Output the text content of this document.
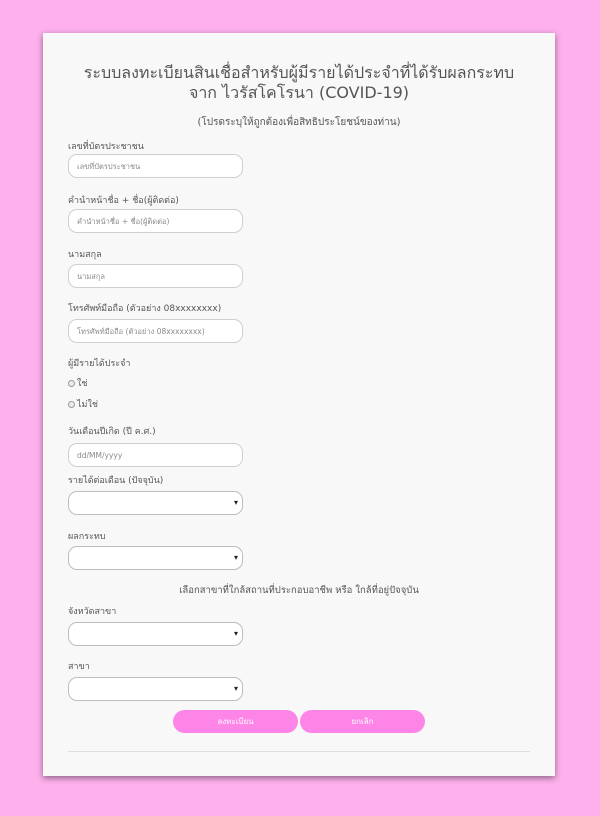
ระบบลงทะเบียนสินเชื่อสำหรับผู้มีรายได้ประจำที่ได้รับผลกระทบจาก ไวรัสโคโรนา (COVID-19)

(โปรดระบุให้ถูกต้องเพื่อสิทธิประโยชน์ของท่าน)

เลขที่บัตรประชาชน

เลขที่บัตรประชาชน

คำนำหน้าชื่อ + ชื่อ(ผู้ติดต่อ)

คำนำหน้าชื่อ + ชื่อ(ผู้ติดต่อ)

นามสกุล

นามสกุล

โทรศัพท์มือถือ (ตัวอย่าง 08xxxxxxxx)

โทรศัพท์มือถือ (ตัวอย่าง 08xxxxxxxx)

ผู้มีรายได้ประจำ

ใช่
ไม่ใช่

วันเดือนปีเกิด (ปี ค.ศ.)

dd/MM/yyyy

รายได้ต่อเดือน (ปัจจุบัน)

▾

ผลกระทบ

▾

เลือกสาขาที่ใกล้สถานที่ประกอบอาชีพ หรือ ใกล้ที่อยู่ปัจจุบัน

จังหวัดสาขา

▾

สาขา

▾
ลงทะเบียน	ยกเลิก
